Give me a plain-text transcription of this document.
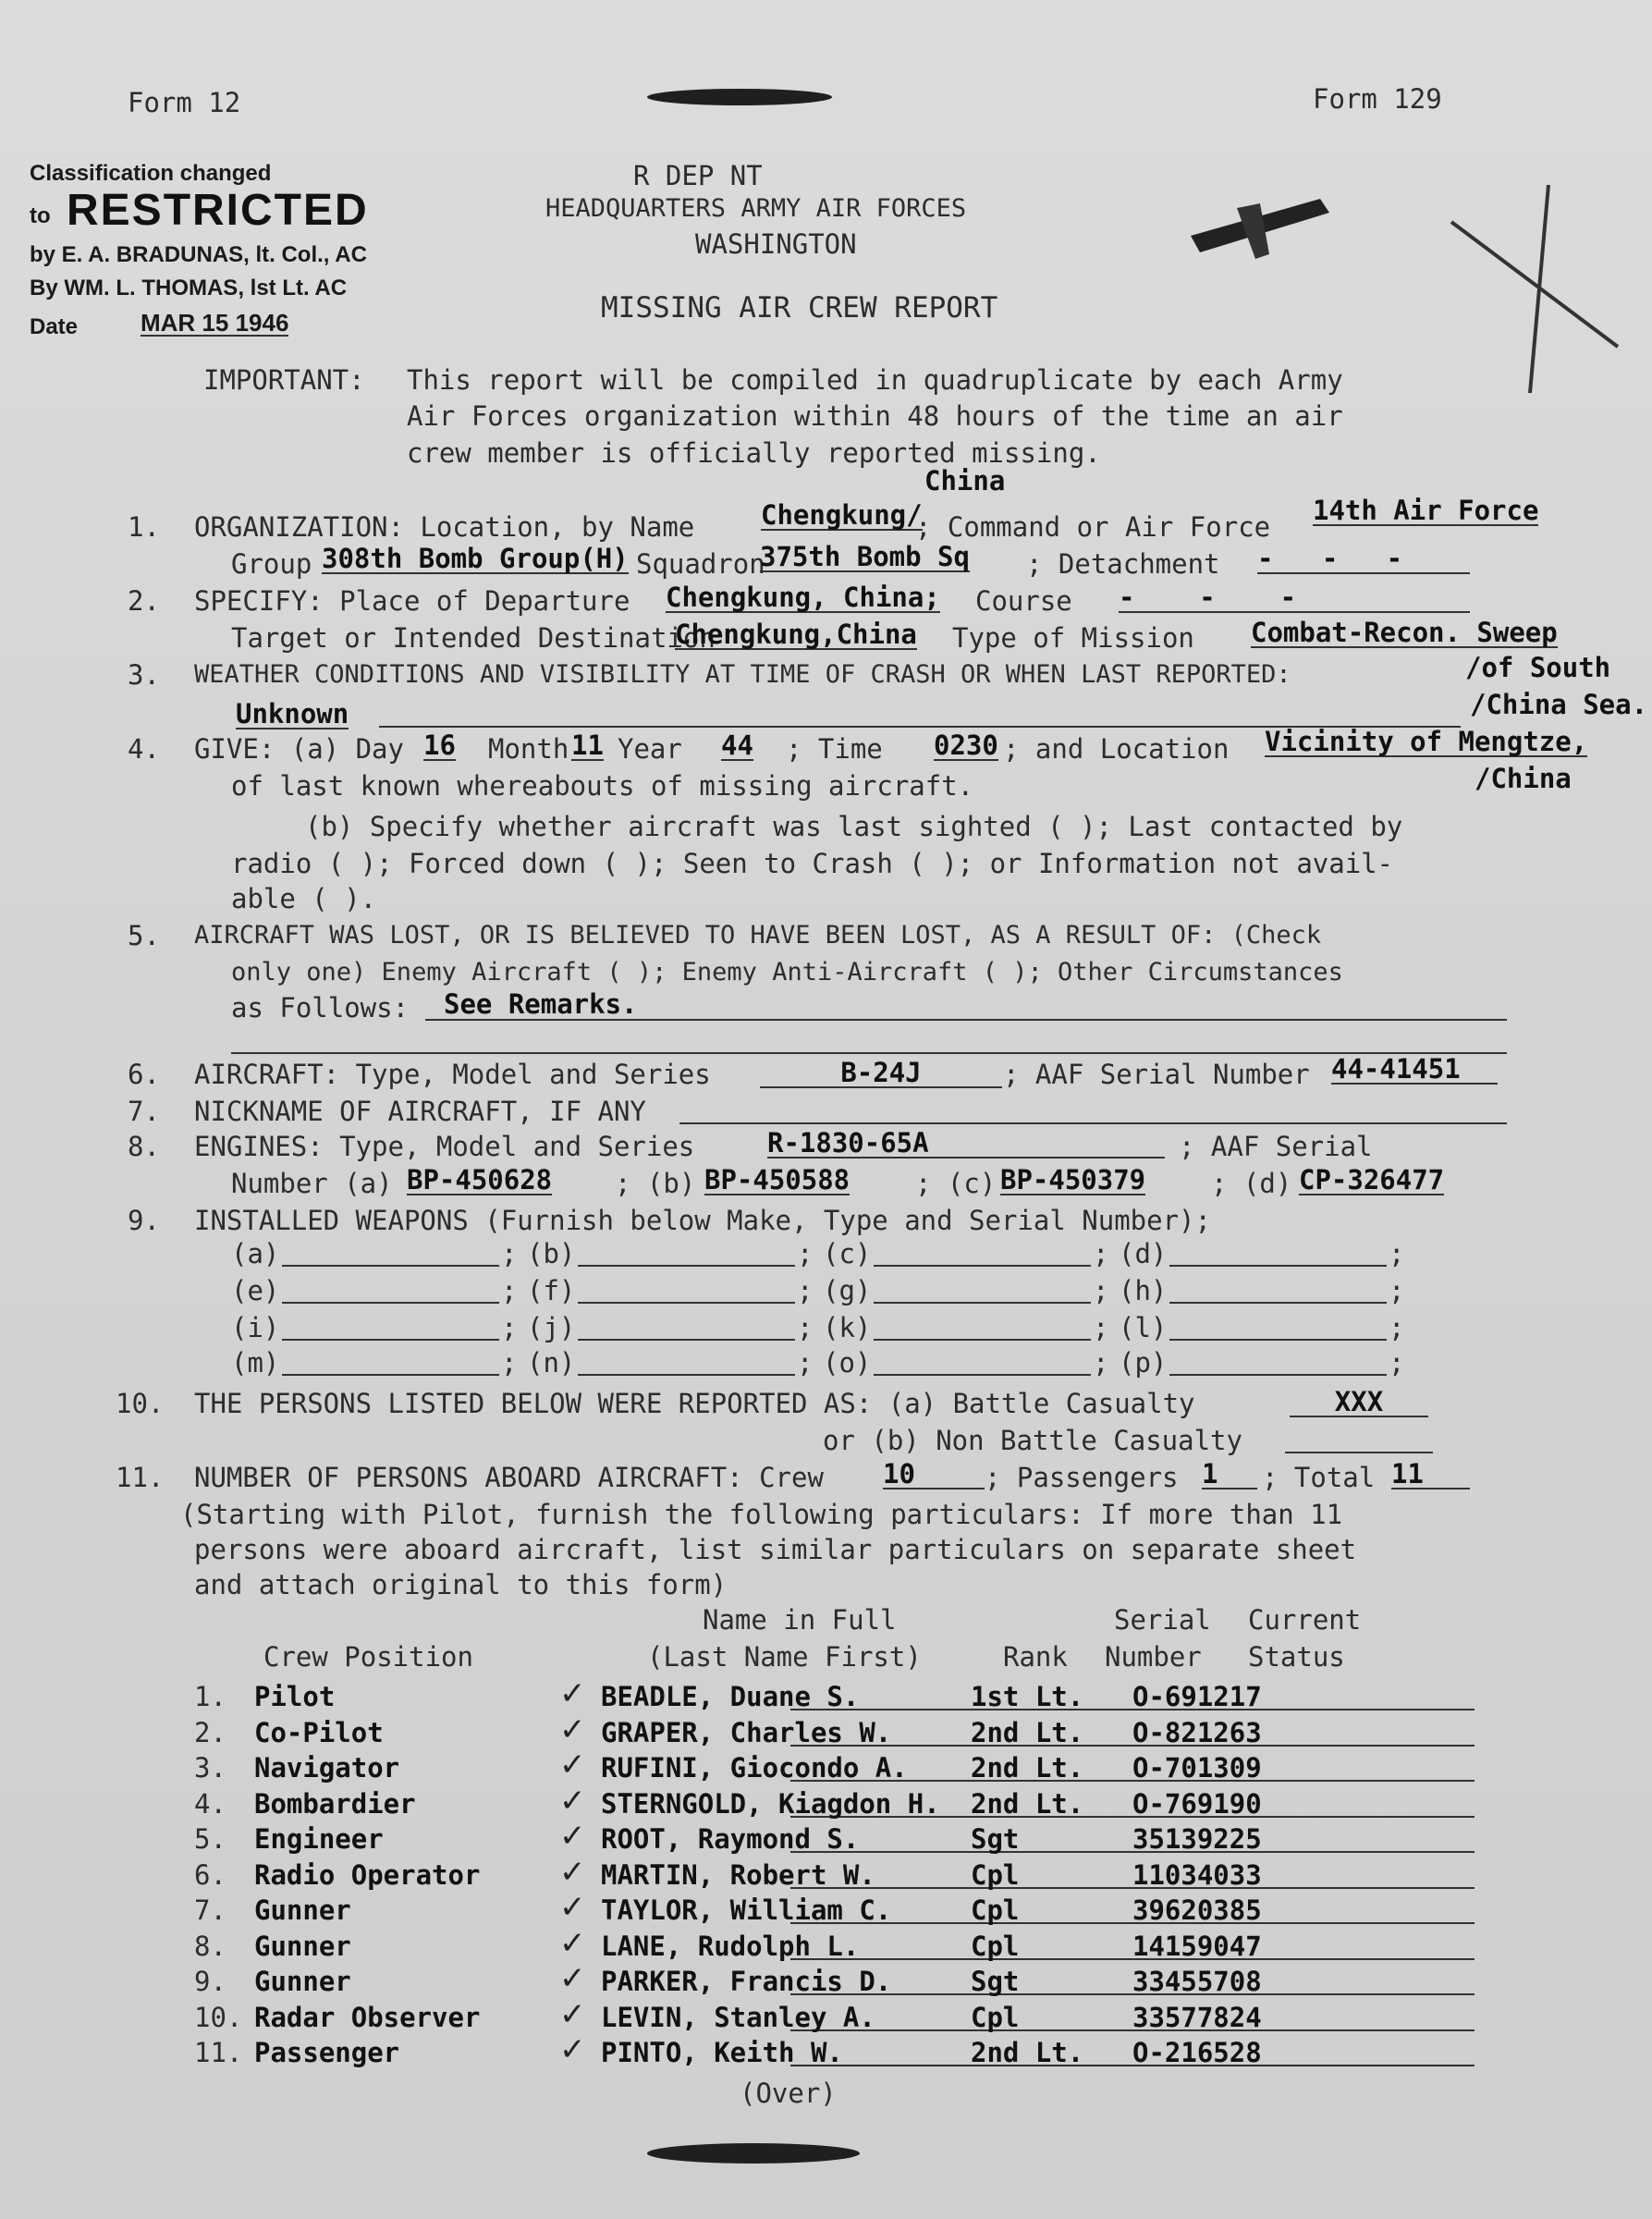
Form 12	Form 129
R DEP NT
HEADQUARTERS ARMY AIR FORCES
WASHINGTON
MISSING AIR CREW REPORT
Classification changed
to RESTRICTED
by E. A. BRADUNAS, lt. Col., AC
By WM. L. THOMAS, lst Lt. AC
Date	MAR 15 1946
IMPORTANT: This report will be compiled in quadruplicate by each Army
Air Forces organization within 48 hours of the time an air
crew member is officially reported missing.
China
1. ORGANIZATION: Location, by Name Chengkung/
; Command or Air Force
14th Air Force
Group 308th Bomb Group(H) Squadron
375th Bomb Sq ; Detachment -   -   -
2. SPECIFY: Place of Departure Chengkung, China; Course -    -    -
Target or Intended Destination
Chengkung,China Type of Mission Combat-Recon. Sweep
/of South
/China Sea.
3. WEATHER CONDITIONS AND VISIBILITY AT TIME OF CRASH OR WHEN LAST REPORTED:
Unknown
4. GIVE: (a) Day 16 Month 11 Year 44 ; Time 0230 ; and Location Vicinity of Mengtze,
/China
of last known whereabouts of missing aircraft.
(b) Specify whether aircraft was last sighted ( ); Last contacted by
radio ( ); Forced down ( ); Seen to Crash ( ); or Information not avail-
able ( ).
5. AIRCRAFT WAS LOST, OR IS BELIEVED TO HAVE BEEN LOST, AS A RESULT OF: (Check
only one) Enemy Aircraft ( ); Enemy Anti-Aircraft ( ); Other Circumstances
as Follows: See Remarks.
6. AIRCRAFT: Type, Model and Series	B-24J	; AAF Serial Number 44-41451
7. NICKNAME OF AIRCRAFT, IF ANY
8. ENGINES: Type, Model and Series	R-1830-65A	; AAF Serial
Number (a) BP-450628 ; (b) BP-450588 ; (c) BP-450379 ; (d) CP-326477
9. INSTALLED WEAPONS (Furnish below Make, Type and Serial Number);
(a)	; (b)	; (c)	; (d)	;
(e)	; (f)	; (g)	; (h)	;
(i)	; (j)	; (k)	; (l)	;
(m)	; (n)	; (o)	; (p)	;
10. THE PERSONS LISTED BELOW WERE REPORTED AS: (a) Battle Casualty	XXX
or (b) Non Battle Casualty
11. NUMBER OF PERSONS ABOARD AIRCRAFT: Crew 10	; Passengers 1	; Total 11
(Starting with Pilot, furnish the following particulars: If more than 11
persons were aboard aircraft, list similar particulars on separate sheet
and attach original to this form)
Name in Full	Serial Current
Crew Position	(Last Name First)	Rank Number Status
✓
1. Pilot	BEADLE, Duane S.	1st Lt. O-691217
✓
2. Co-Pilot	GRAPER, Charles W.	2nd Lt. O-821263
✓
3. Navigator	RUFINI, Giocondo A. 2nd Lt. O-701309
✓
4. Bombardier	STERNGOLD, Kiagdon H. 2nd Lt. O-769190
✓
5. Engineer	ROOT, Raymond S.	Sgt	35139225
✓
6. Radio Operator	MARTIN, Robert W.	Cpl	11034033
✓
7. Gunner	TAYLOR, William C.	Cpl	39620385
✓
8. Gunner	LANE, Rudolph L.	Cpl	14159047
✓
9. Gunner	PARKER, Francis D.	Sgt	33455708
✓
10. Radar Observer	LEVIN, Stanley A.	Cpl	33577824
✓
11. Passenger	PINTO, Keith W.	2nd Lt. O-216528
(Over)
